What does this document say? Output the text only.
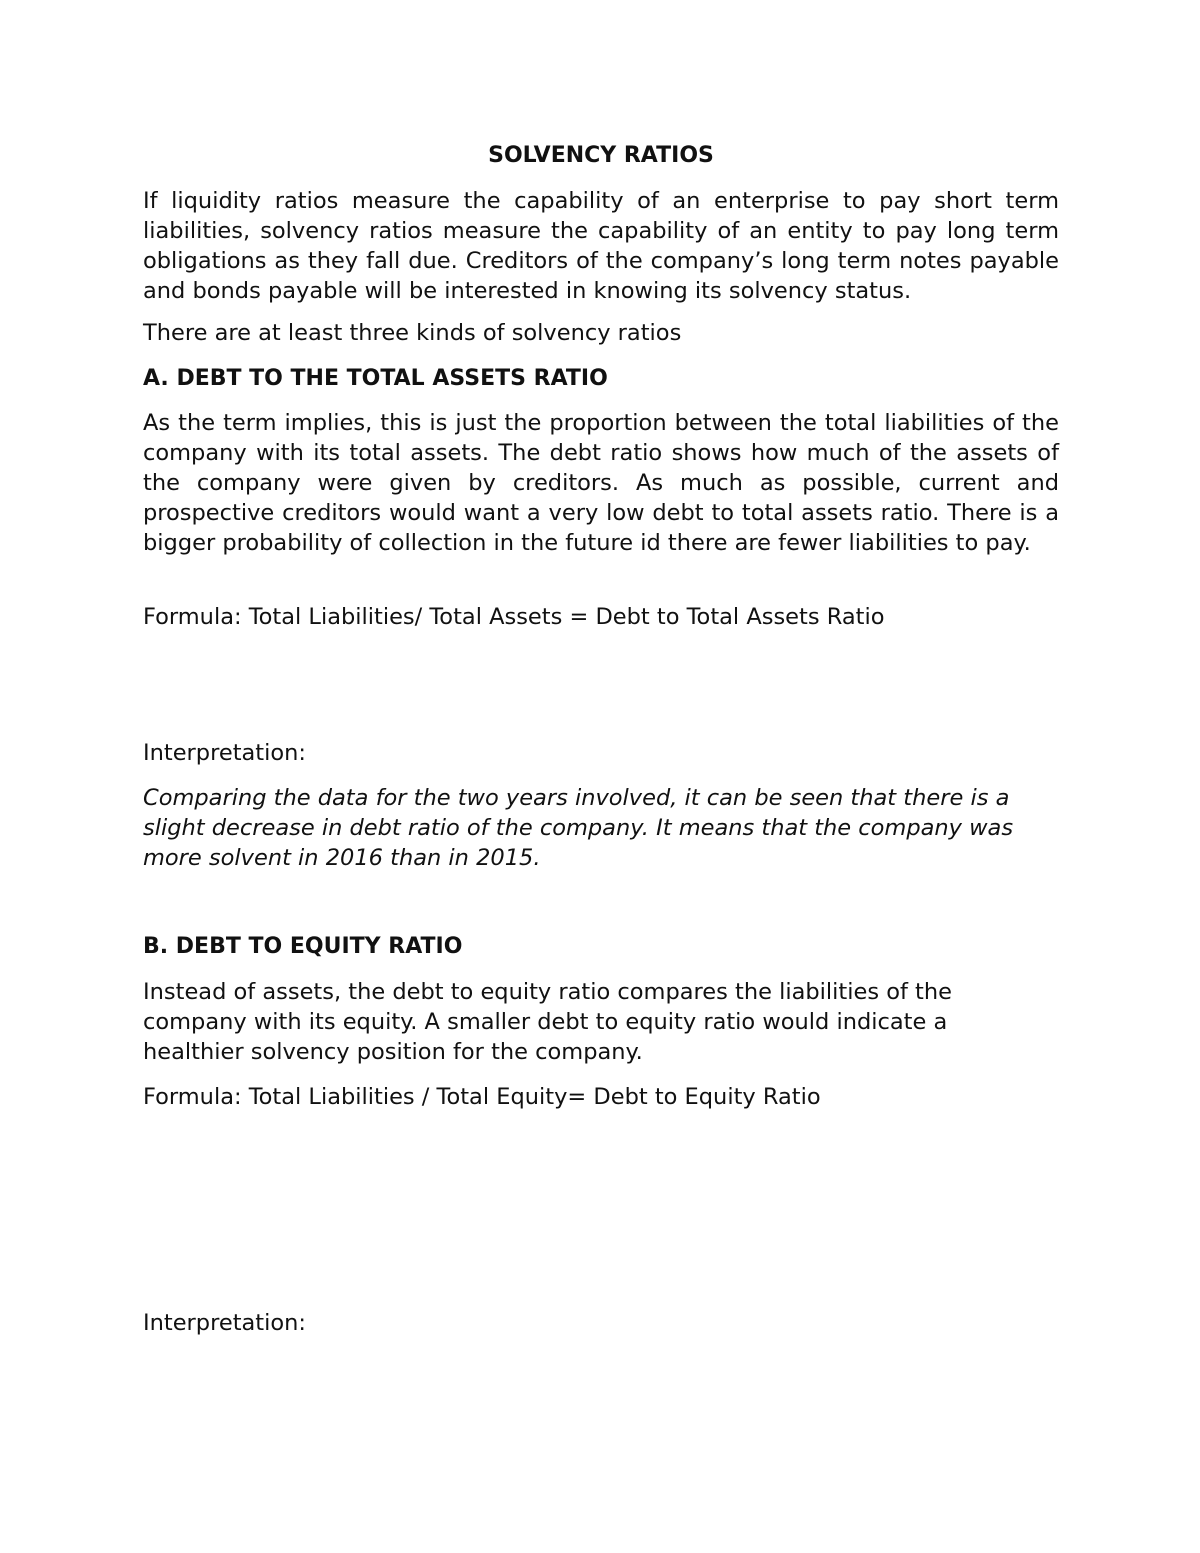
SOLVENCY RATIOS

If liquidity ratios measure the capability of an enterprise to pay short term liabilities, solvency ratios measure the capability of an entity to pay long term obligations as they fall due. Creditors of the company’s long term notes payable and bonds payable will be interested in knowing its solvency status.

There are at least three kinds of solvency ratios

A. DEBT TO THE TOTAL ASSETS RATIO

As the term implies, this is just the proportion between the total liabilities of the company with its total assets. The debt ratio shows how much of the assets of the company were given by creditors. As much as possible, current and prospective creditors would want a very low debt to total assets ratio. There is a bigger probability of collection in the future id there are fewer liabilities to pay.

Formula: Total Liabilities/ Total Assets = Debt to Total Assets Ratio

Interpretation:

Comparing the data for the two years involved, it can be seen that there is a slight decrease in debt ratio of the company. It means that the company was more solvent in 2016 than in 2015.

B. DEBT TO EQUITY RATIO

Instead of assets, the debt to equity ratio compares the liabilities of the company with its equity. A smaller debt to equity ratio would indicate a healthier solvency position for the company.

Formula: Total Liabilities / Total Equity= Debt to Equity Ratio

Interpretation:
